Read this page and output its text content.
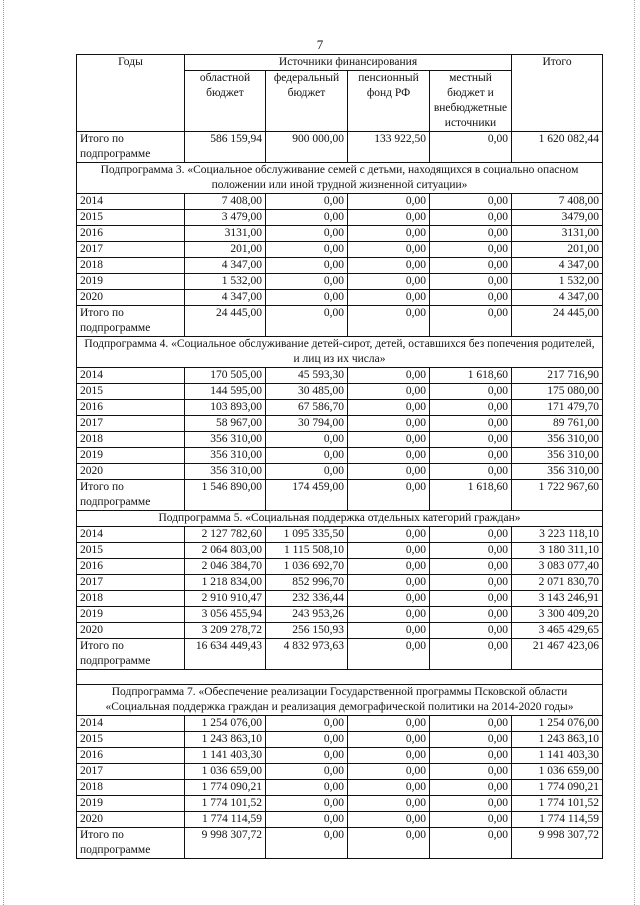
7
Годы	Источники финансирования				Итого
	областной бюджет	федеральный бюджет	пенсионный фонд РФ	местный бюджет и внебюджетные источники	
Итого по подпрограмме	586 159,94	900 000,00	133 922,50	0,00	1 620 082,44
Подпрограмма 3. «Социальное обслуживание семей с детьми, находящихся в социально опасном положении или иной трудной жизненной ситуации»					
2014	7 408,00	0,00	0,00	0,00	7 408,00
2015	3 479,00	0,00	0,00	0,00	3479,00
2016	3131,00	0,00	0,00	0,00	3131,00
2017	201,00	0,00	0,00	0,00	201,00
2018	4 347,00	0,00	0,00	0,00	4 347,00
2019	1 532,00	0,00	0,00	0,00	1 532,00
2020	4 347,00	0,00	0,00	0,00	4 347,00
Итого по подпрограмме	24 445,00	0,00	0,00	0,00	24 445,00
Подпрограмма 4. «Социальное обслуживание детей-сирот, детей, оставшихся без попечения родителей, и лиц из их числа»					
2014	170 505,00	45 593,30	0,00	1 618,60	217 716,90
2015	144 595,00	30 485,00	0,00	0,00	175 080,00
2016	103 893,00	67 586,70	0,00	0,00	171 479,70
2017	58 967,00	30 794,00	0,00	0,00	89 761,00
2018	356 310,00	0,00	0,00	0,00	356 310,00
2019	356 310,00	0,00	0,00	0,00	356 310,00
2020	356 310,00	0,00	0,00	0,00	356 310,00
Итого по подпрограмме	1 546 890,00	174 459,00	0,00	1 618,60	1 722 967,60
Подпрограмма 5. «Социальная поддержка отдельных категорий граждан»					
2014	2 127 782,60	1 095 335,50	0,00	0,00	3 223 118,10
2015	2 064 803,00	1 115 508,10	0,00	0,00	3 180 311,10
2016	2 046 384,70	1 036 692,70	0,00	0,00	3 083 077,40
2017	1 218 834,00	852 996,70	0,00	0,00	2 071 830,70
2018	2 910 910,47	232 336,44	0,00	0,00	3 143 246,91
2019	3 056 455,94	243 953,26	0,00	0,00	3 300 409,20
2020	3 209 278,72	256 150,93	0,00	0,00	3 465 429,65
Итого по подпрограмме	16 634 449,43	4 832 973,63	0,00	0,00	21 467 423,06

Подпрограмма 7. «Обеспечение реализации Государственной программы Псковской области «Социальная поддержка граждан и реализация демографической политики на 2014-2020 годы»					
2014	1 254 076,00	0,00	0,00	0,00	1 254 076,00
2015	1 243 863,10	0,00	0,00	0,00	1 243 863,10
2016	1 141 403,30	0,00	0,00	0,00	1 141 403,30
2017	1 036 659,00	0,00	0,00	0,00	1 036 659,00
2018	1 774 090,21	0,00	0,00	0,00	1 774 090,21
2019	1 774 101,52	0,00	0,00	0,00	1 774 101,52
2020	1 774 114,59	0,00	0,00	0,00	1 774 114,59
Итого по подпрограмме	9 998 307,72	0,00	0,00	0,00	9 998 307,72
